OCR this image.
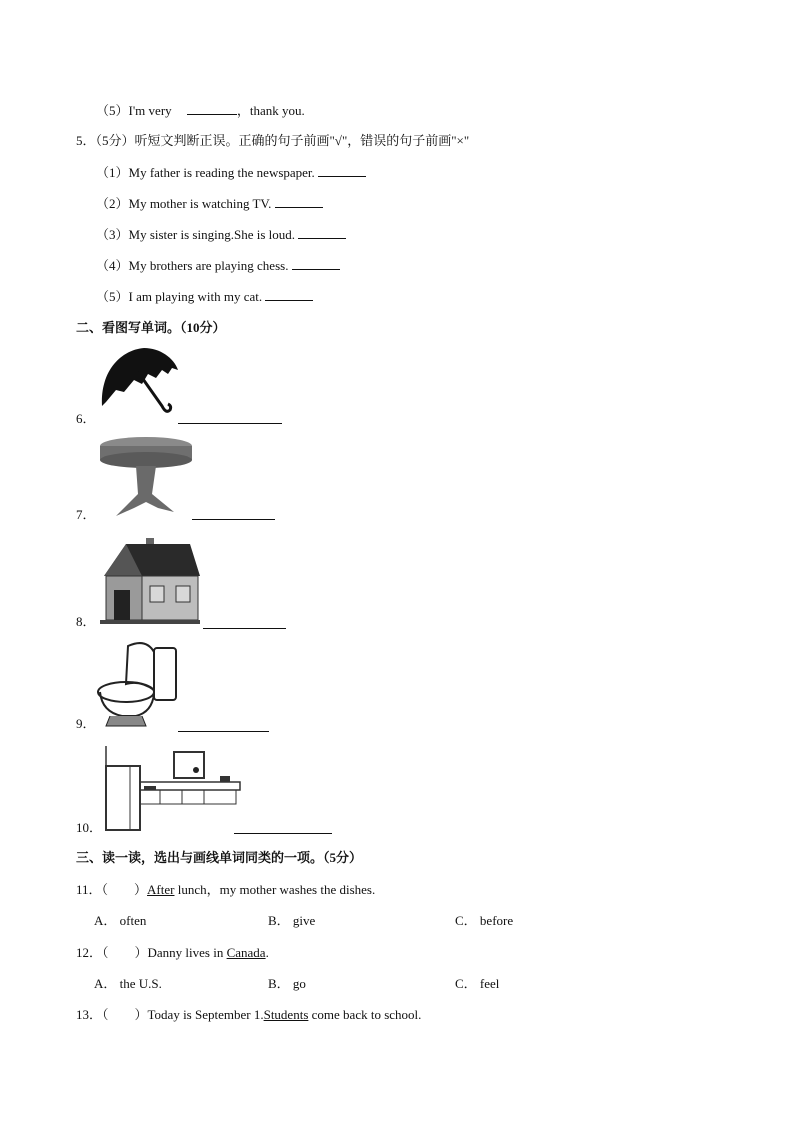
（5）I'm very	，thank you.
5．（5分）听短文判断正误。正确的句子前画"√"，错误的句子前画"×"
（1）My father is reading the newspaper.
（2）My mother is watching TV.
（3）My sister is singing.She is loud.
（4）My brothers are playing chess.
（5）I am playing with my cat.
二、看图写单词。（10分）
6．
7．
8．
9．
10．
三、读一读，选出与画线单词同类的一项。（5分）
11．（　　）After lunch，my mother washes the dishes.
A． often	B． give	C． before
12．（　　）Danny lives in Canada.
A． the U.S.	B． go	C． feel
13．（　　）Today is September 1.Students come back to school.
